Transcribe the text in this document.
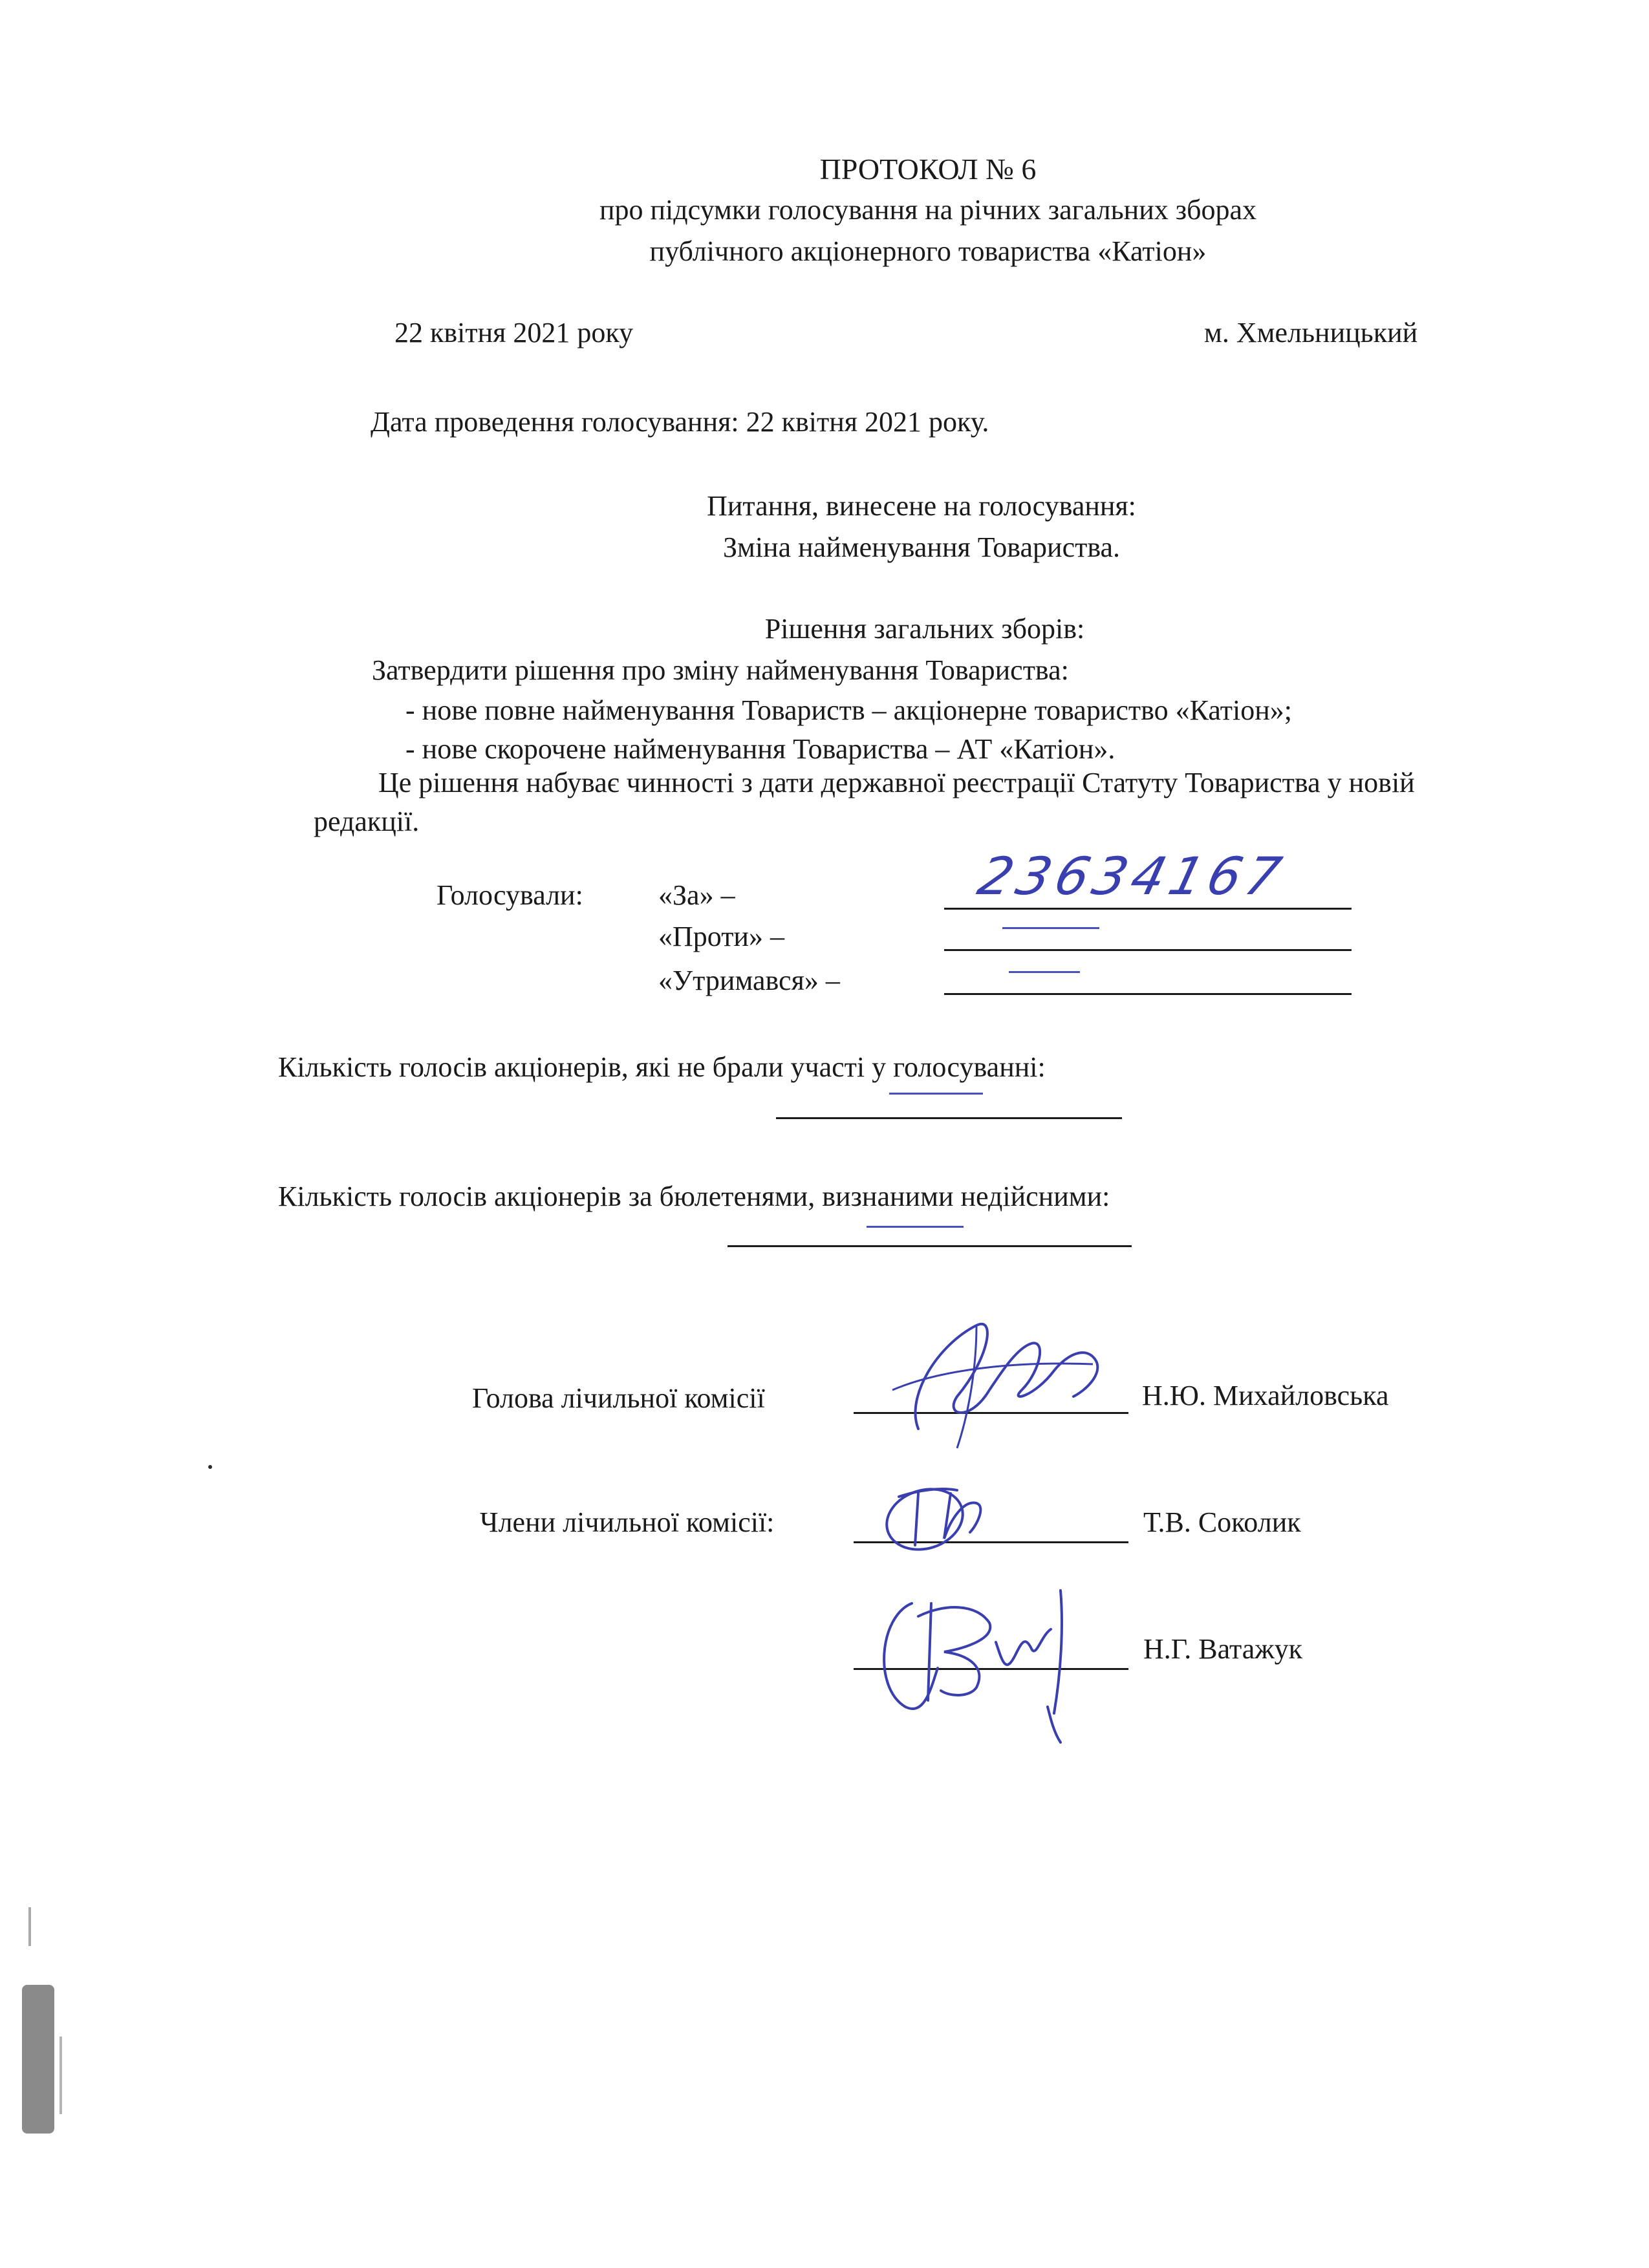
ПРОТОКОЛ № 6
про підсумки голосування на річних загальних зборах
публічного акціонерного товариства «Катіон»
22 квітня 2021 року	м. Хмельницький
Дата проведення голосування: 22 квітня 2021 року.
Питання, винесене на голосування:
Зміна найменування Товариства.
Рішення загальних зборів:
Затвердити рішення про зміну найменування Товариства:
- нове повне найменування Товариств – акціонерне товариство «Катіон»;
- нове скорочене найменування Товариства – АТ «Катіон».
Це рішення набуває чинності з дати державної реєстрації Статуту Товариства у новій
редакції.
Голосували:	«За» –	23634167
«Проти» –
«Утримався» –
Кількість голосів акціонерів, які не брали участі у голосуванні:
Кількість голосів акціонерів за бюлетенями, визнаними недійсними:
Голова лічильної комісії	Н.Ю. Михайловська
Члени лічильної комісії:	Т.В. Соколик
Н.Г. Ватажук
